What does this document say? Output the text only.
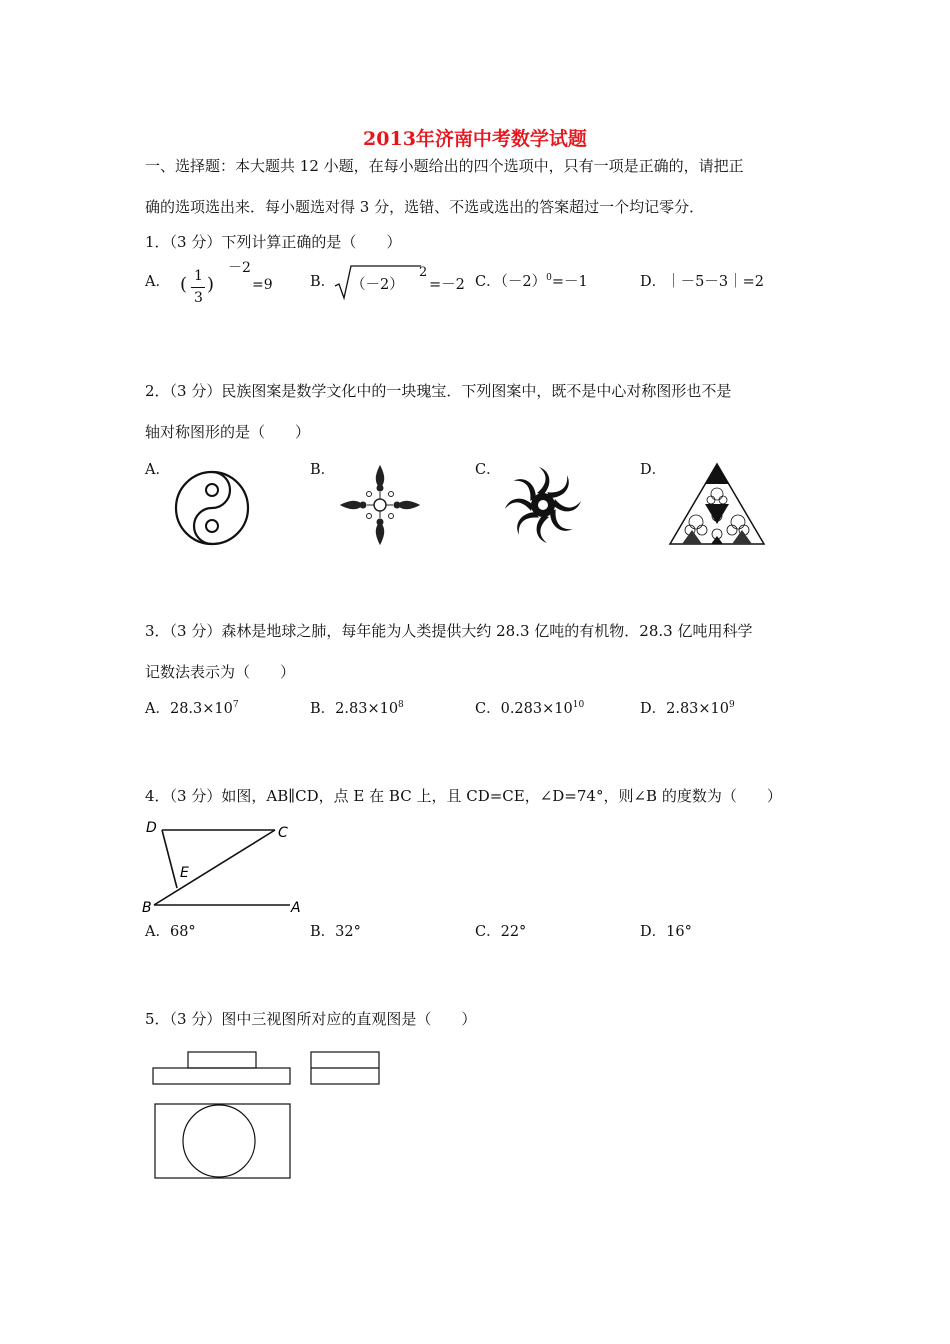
2013年济南中考数学试题
一、选择题：本大题共 12 小题，在每小题给出的四个选项中，只有一项是正确的，请把正
确的选项选出来．每小题选对得 3 分，选错、不选或选出的答案超过一个均记零分．
1．（3 分）下列计算正确的是（　　）
A． ( 1
3
)
－2
=9	B． （－2）
2
=－2 C．$(-2)^0=-1$	D．｜－5－3｜=2
2．（3 分）民族图案是数学文化中的一块瑰宝．下列图案中，既不是中心对称图形也不是
轴对称图形的是（　　）
A．	B．	C．	D．
3．（3 分）森林是地球之肺，每年能为人类提供大约 28.3 亿吨的有机物．28.3 亿吨用科学
记数法表示为（　　）
A．$28.3\times 10^7$	B．$2.83\times 10^8$	C．$0.283\times 10^{10}$	D．$2.83\times 10^9$
4．（3 分）如图，AB∥CD，点 E 在 BC 上，且 CD=CE，∠D=74°，则∠B 的度数为（　　）
D	C
E
B	A
A．68°	B．32°	C．22°	D．16°
5．（3 分）图中三视图所对应的直观图是（　　）
